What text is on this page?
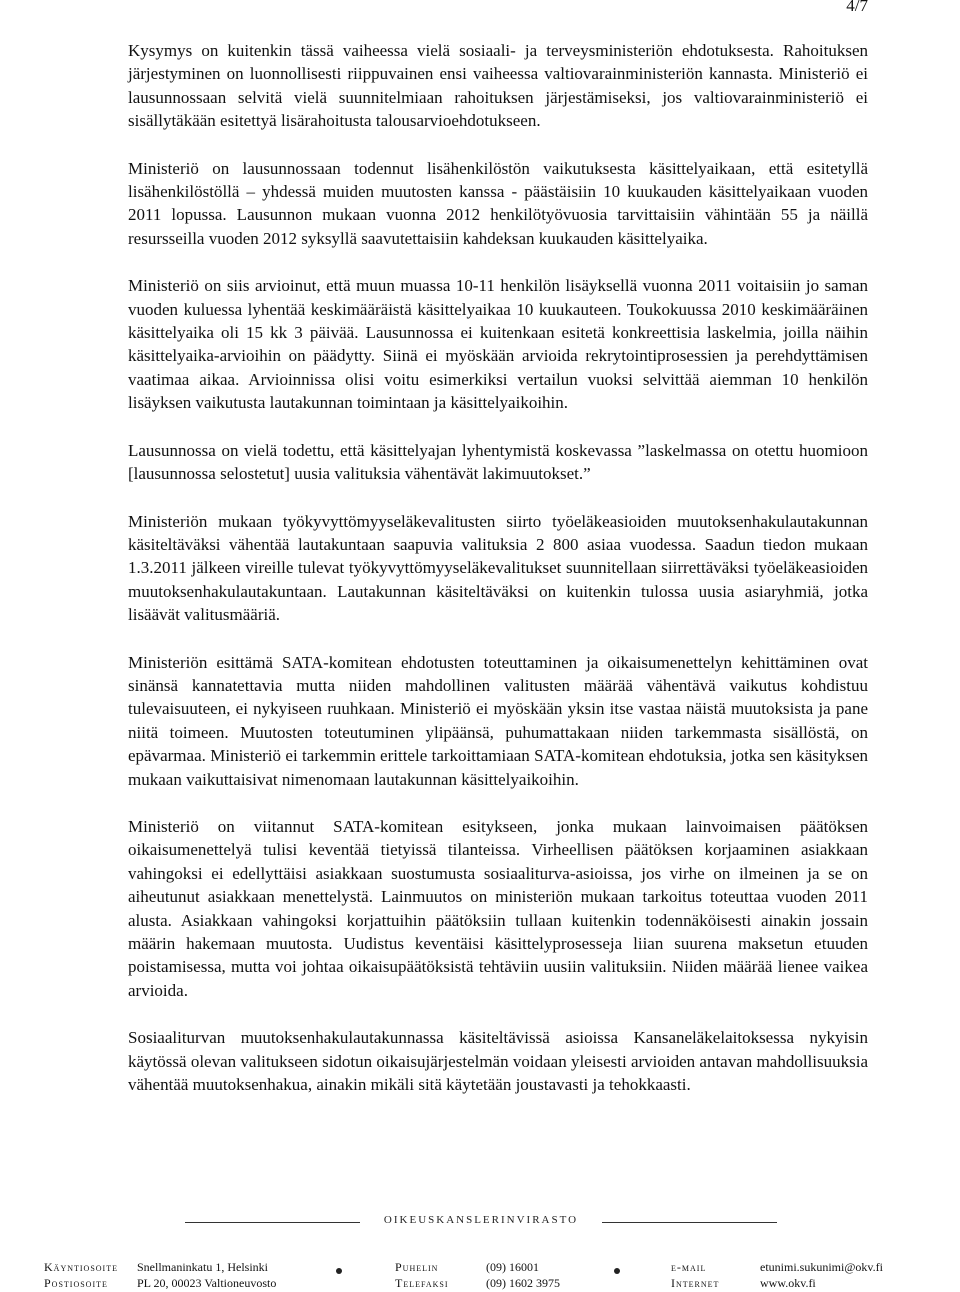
4/7

Kysymys on kuitenkin tässä vaiheessa vielä sosiaali- ja terveysministeriön ehdotuksesta. Rahoituksen järjestyminen on luonnollisesti riippuvainen ensi vaiheessa valtiovarainministeriön kannasta. Ministeriö ei lausunnossaan selvitä vielä suunnitelmiaan rahoituksen järjestämiseksi, jos valtiovarainministeriö ei sisällytäkään esitettyä lisärahoitusta talousarvioehdotukseen.

Ministeriö on lausunnossaan todennut lisähenkilöstön vaikutuksesta käsittelyaikaan, että esitetyllä lisähenkilöstöllä – yhdessä muiden muutosten kanssa - päästäisiin 10 kuukauden käsittelyaikaan vuoden 2011 lopussa. Lausunnon mukaan vuonna 2012 henkilötyövuosia tarvittaisiin vähintään 55 ja näillä resursseilla vuoden 2012 syksyllä saavutettaisiin kahdeksan kuukauden käsittelyaika.

Ministeriö on siis arvioinut, että muun muassa 10-11 henkilön lisäyksellä vuonna 2011 voitaisiin jo saman vuoden kuluessa lyhentää keskimääräistä käsittelyaikaa 10 kuukauteen. Toukokuussa 2010 keskimääräinen käsittelyaika oli 15 kk 3 päivää. Lausunnossa ei kuitenkaan esitetä konkreettisia laskelmia, joilla näihin käsittelyaika-arvioihin on päädytty. Siinä ei myöskään arvioida rekrytointiprosessien ja perehdyttämisen vaatimaa aikaa. Arvioinnissa olisi voitu esimerkiksi vertailun vuoksi selvittää aiemman 10 henkilön lisäyksen vaikutusta lautakunnan toimintaan ja käsittelyaikoihin.

Lausunnossa on vielä todettu, että käsittelyajan lyhentymistä koskevassa ”laskelmassa on otettu huomioon [lausunnossa selostetut] uusia valituksia vähentävät lakimuutokset.”

Ministeriön mukaan työkyvyttömyyseläkevalitusten siirto työeläkeasioiden muutoksenhakulautakunnan käsiteltäväksi vähentää lautakuntaan saapuvia valituksia 2 800 asiaa vuodessa. Saadun tiedon mukaan 1.3.2011 jälkeen vireille tulevat työkyvyttömyyseläkevalitukset suunnitellaan siirrettäväksi työeläkeasioiden muutoksenhakulautakuntaan. Lautakunnan käsiteltäväksi on kuitenkin tulossa uusia asiaryhmiä, jotka lisäävät valitusmääriä.

Ministeriön esittämä SATA-komitean ehdotusten toteuttaminen ja oikaisumenettelyn kehittäminen ovat sinänsä kannatettavia mutta niiden mahdollinen valitusten määrää vähentävä vaikutus kohdistuu tulevaisuuteen, ei nykyiseen ruuhkaan. Ministeriö ei myöskään yksin itse vastaa näistä muutoksista ja pane niitä toimeen. Muutosten toteutuminen ylipäänsä, puhumattakaan niiden tarkemmasta sisällöstä, on epävarmaa. Ministeriö ei tarkemmin erittele tarkoittamiaan SATA-komitean ehdotuksia, jotka sen käsityksen mukaan vaikuttaisivat nimenomaan lautakunnan käsittelyaikoihin.

Ministeriö on viitannut SATA-komitean esitykseen, jonka mukaan lainvoimaisen päätöksen oikaisumenettelyä tulisi keventää tietyissä tilanteissa. Virheellisen päätöksen korjaaminen asiakkaan vahingoksi ei edellyttäisi asiakkaan suostumusta sosiaaliturva-asioissa, jos virhe on ilmeinen ja se on aiheutunut asiakkaan menettelystä. Lainmuutos on ministeriön mukaan tarkoitus toteuttaa vuoden 2011 alusta. Asiakkaan vahingoksi korjattuihin päätöksiin tullaan kuitenkin todennäköisesti ainakin jossain määrin hakemaan muutosta. Uudistus keventäisi käsittelyprosesseja liian suurena maksetun etuuden poistamisessa, mutta voi johtaa oikaisupäätöksistä tehtäviin uusiin valituksiin. Niiden määrää lienee vaikea arvioida.

Sosiaaliturvan muutoksenhakulautakunnassa käsiteltävissä asioissa Kansaneläkelaitoksessa nykyisin käytössä olevan valitukseen sidotun oikaisujärjestelmän voidaan yleisesti arvioiden antavan mahdollisuuksia vähentää muutoksenhakua, ainakin mikäli sitä käytetään joustavasti ja tehokkaasti.

OIKEUSKANSLERINVIRASTO
Käyntiosoite Snellmaninkatu 1, Helsinki	Puhelin	(09) 16001	e-mail	etunimi.sukunimi@okv.fi
Postiosoite PL 20, 00023 Valtioneuvosto	Telefaksi	(09) 1602 3975	Internet	www.okv.fi
